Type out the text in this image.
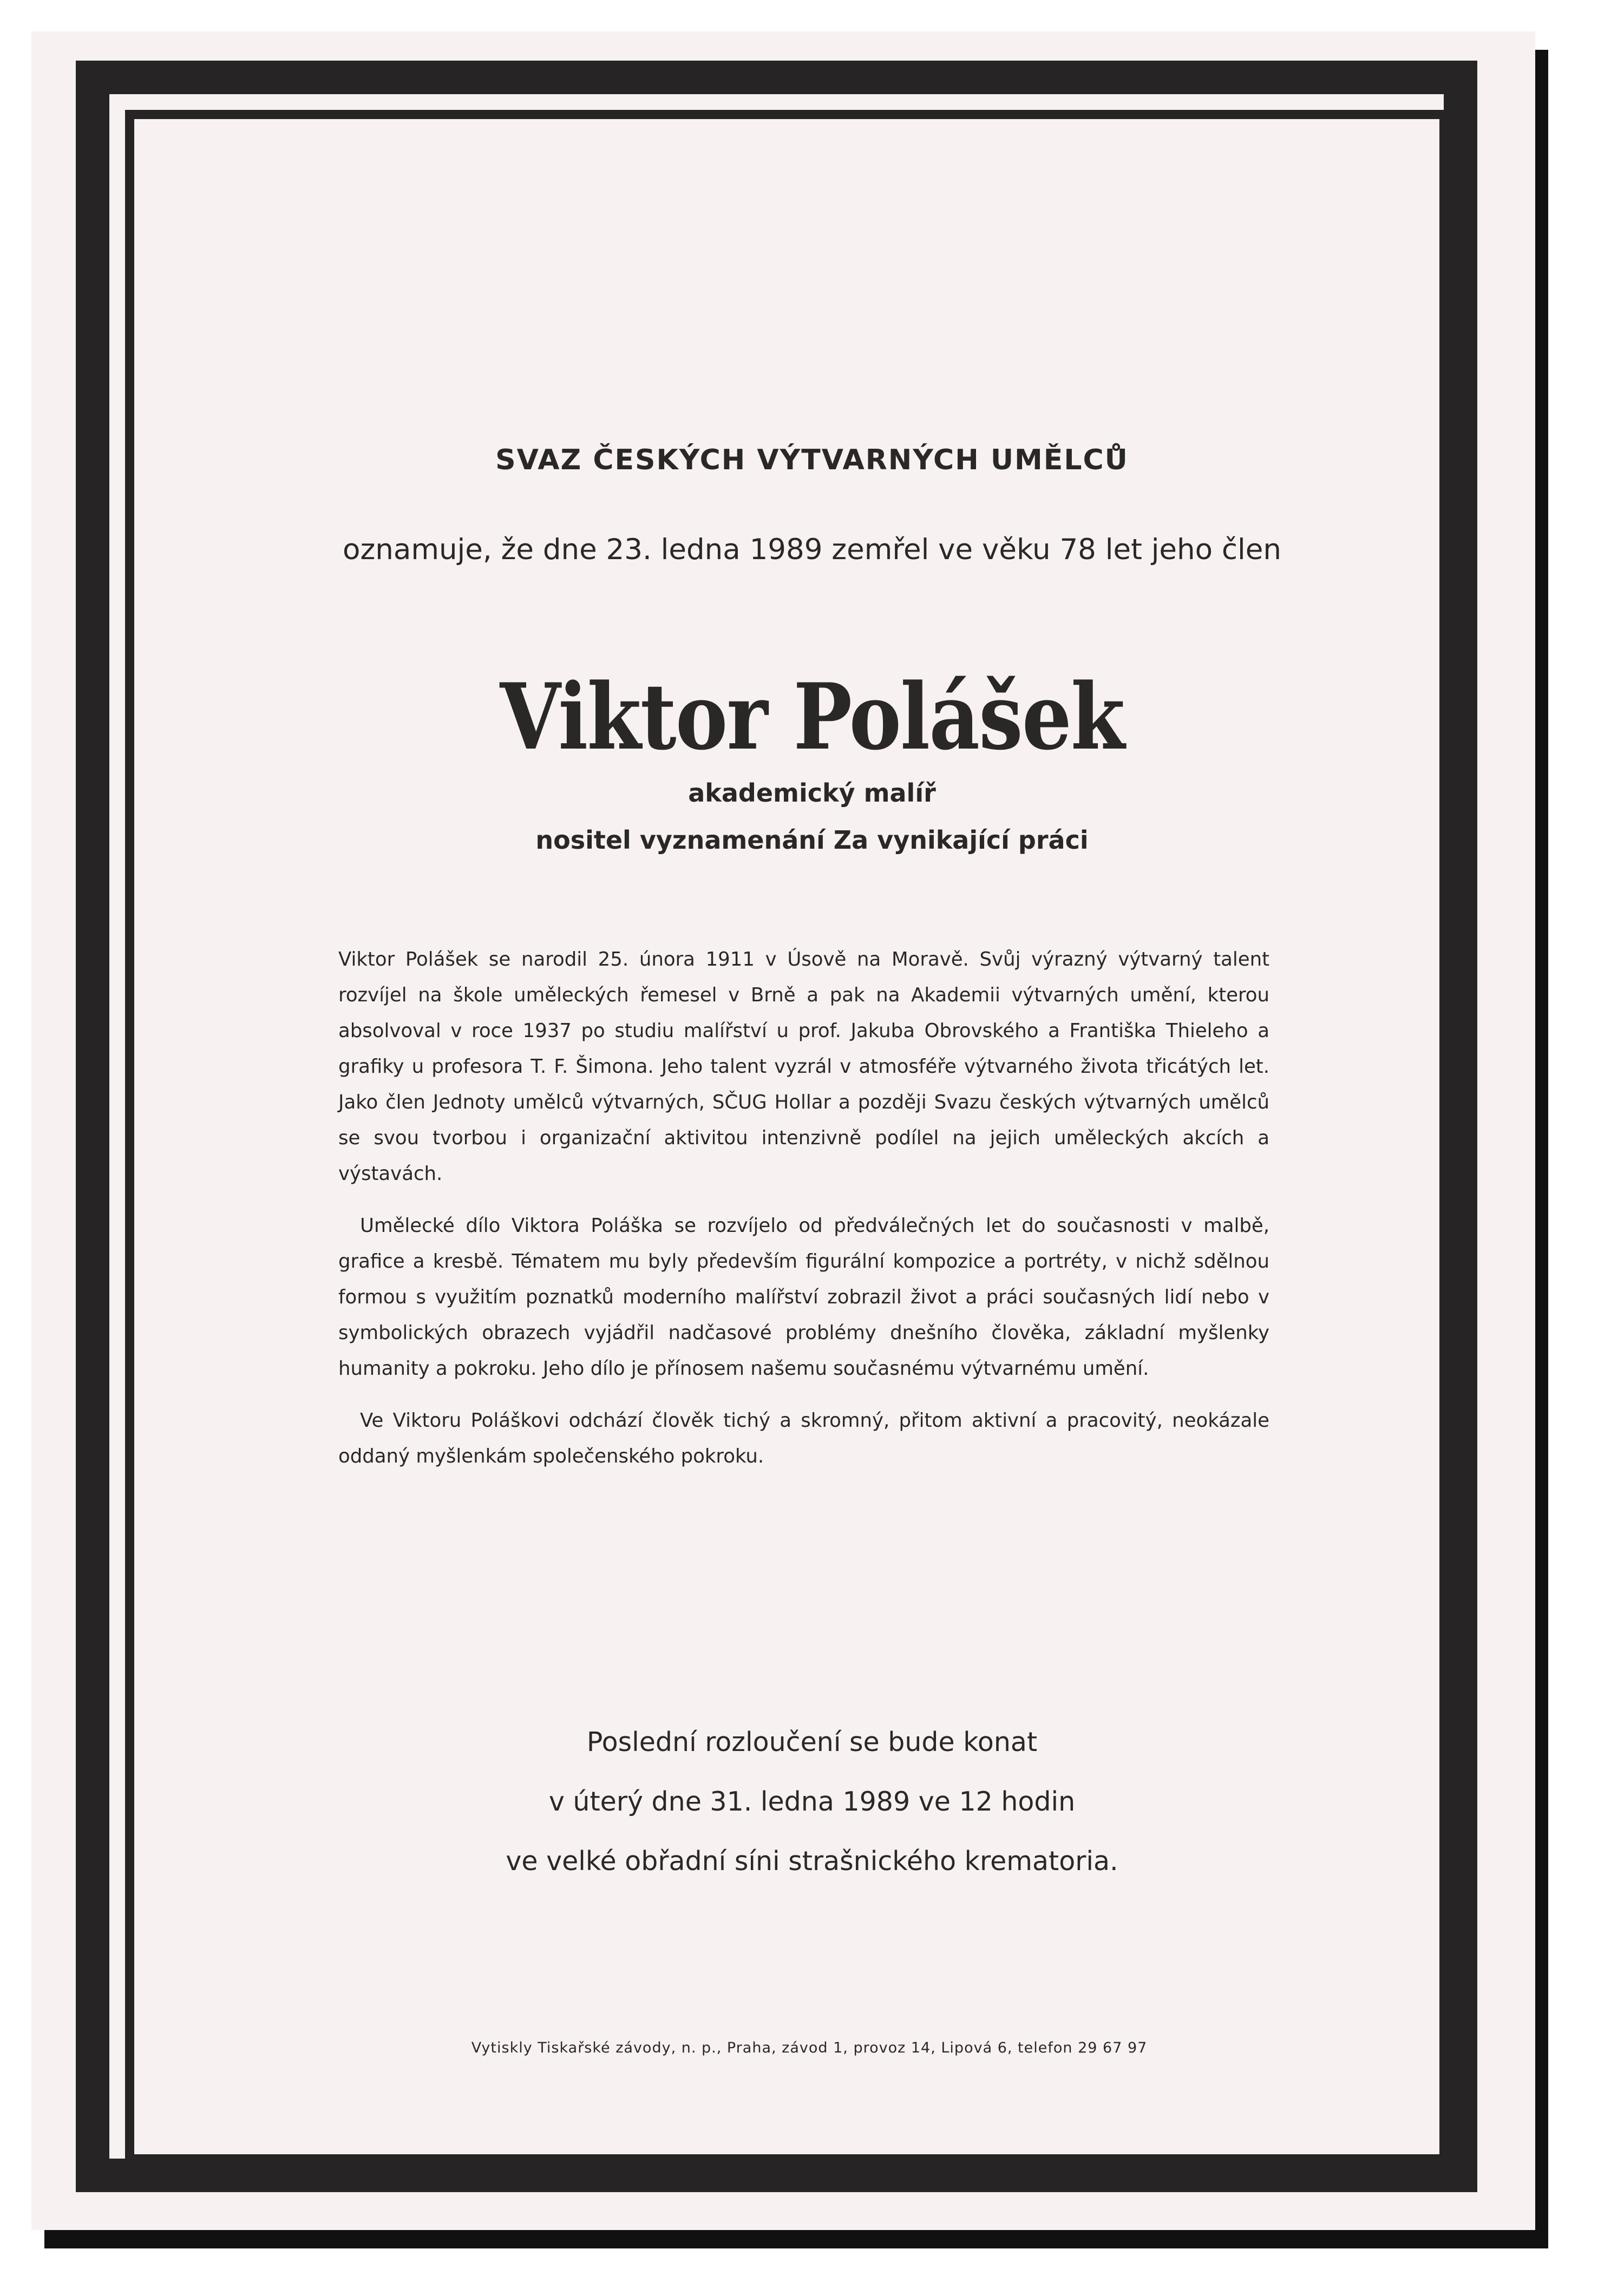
SVAZ ČESKÝCH VÝTVARNÝCH UMĚLCŮ
oznamuje, že dne 23. ledna 1989 zemřel ve věku 78 let jeho člen
Viktor Polášek
akademický malíř
nositel vyznamenání Za vynikající práci

Viktor Polášek se narodil 25. února 1911 v Úsově na Moravě. Svůj výrazný výtvarný talent rozvíjel na škole uměleckých řemesel v Brně a pak na Akademii výtvarných umění, kterou absolvoval v roce 1937 po studiu malířství u prof. Jakuba Obrovského a Františka Thieleho a grafiky u profesora T. F. Šimona. Jeho talent vyzrál v atmosféře výtvarného života třicátých let. Jako člen Jednoty umělců výtvarných, SČUG Hollar a později Svazu českých výtvarných umělců se svou tvorbou i organizační aktivitou intenzivně podílel na jejich uměleckých akcích a výstavách.

Umělecké dílo Viktora Poláška se rozvíjelo od předválečných let do současnosti v malbě, grafice a kresbě. Tématem mu byly především figurální kompozice a portréty, v nichž sdělnou formou s využitím poznatků moderního malířství zobrazil život a práci současných lidí nebo v symbolických obrazech vyjádřil nadčasové problémy dnešního člověka, základní myšlenky humanity a pokroku. Jeho dílo je přínosem našemu současnému výtvarnému umění.

Ve Viktoru Poláškovi odchází člověk tichý a skromný, přitom aktivní a pracovitý, neokázale oddaný myšlenkám společenského pokroku.

Poslední rozloučení se bude konat
v úterý dne 31. ledna 1989 ve 12 hodin
ve velké obřadní síni strašnického krematoria.
Vytiskly Tiskařské závody, n. p., Praha, závod 1, provoz 14, Lipová 6, telefon 29 67 97
